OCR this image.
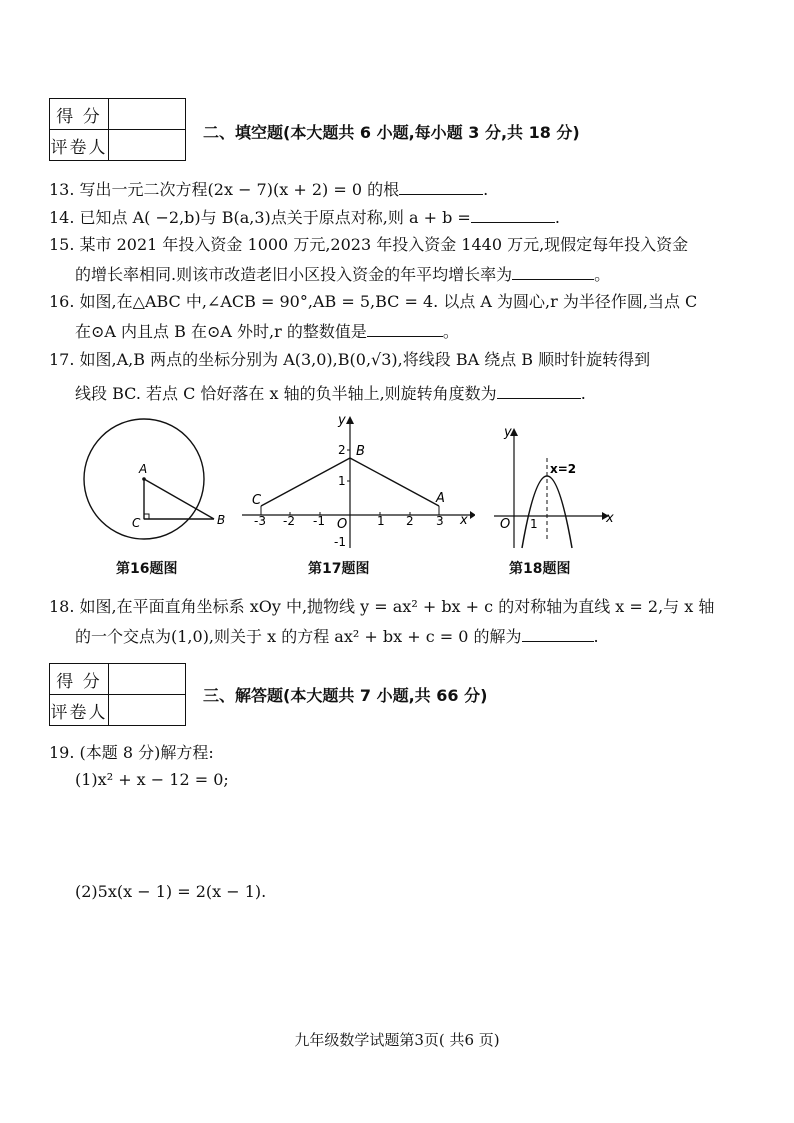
得 分	
评卷人	
二、填空题(本大题共 6 小题,每小题 3 分,共 18 分)
13. 写出一元二次方程(2x − 7)(x + 2) = 0 的根	.
14. 已知点 A( −2,b)与 B(a,3)点关于原点对称,则 a + b =	.
15. 某市 2021 年投入资金 1000 万元,2023 年投入资金 1440 万元,现假定每年投入资金
的增长率相同.则该市改造老旧小区投入资金的年平均增长率为	。
16. 如图,在△ABC 中,∠ACB = 90°,AB = 5,BC = 4. 以点 A 为圆心,r 为半径作圆,当点 C
在⊙A 内且点 B 在⊙A 外时,r 的整数值是	。
17. 如图,A,B 两点的坐标分别为 A(3,0),B(0,√3),将线段 BA 绕点 B 顺时针旋转得到
线段 BC. 若点 C 恰好落在 x 轴的负半轴上,则旋转角度数为	.
A
C	B
第16题图
y
x
O
B
A
C
-3 -2 -1	1 2 3
2
1
-1
第17题图
y
x
O 1
x=2
第18题图
18. 如图,在平面直角坐标系 xOy 中,抛物线 y = ax² + bx + c 的对称轴为直线 x = 2,与 x 轴
的一个交点为(1,0),则关于 x 的方程 ax² + bx + c = 0 的解为	.
得 分	
评卷人	
三、解答题(本大题共 7 小题,共 66 分)
19. (本题 8 分)解方程:
(1)x² + x − 12 = 0;
(2)5x(x − 1) = 2(x − 1).
九年级数学试题第3页( 共6 页)
